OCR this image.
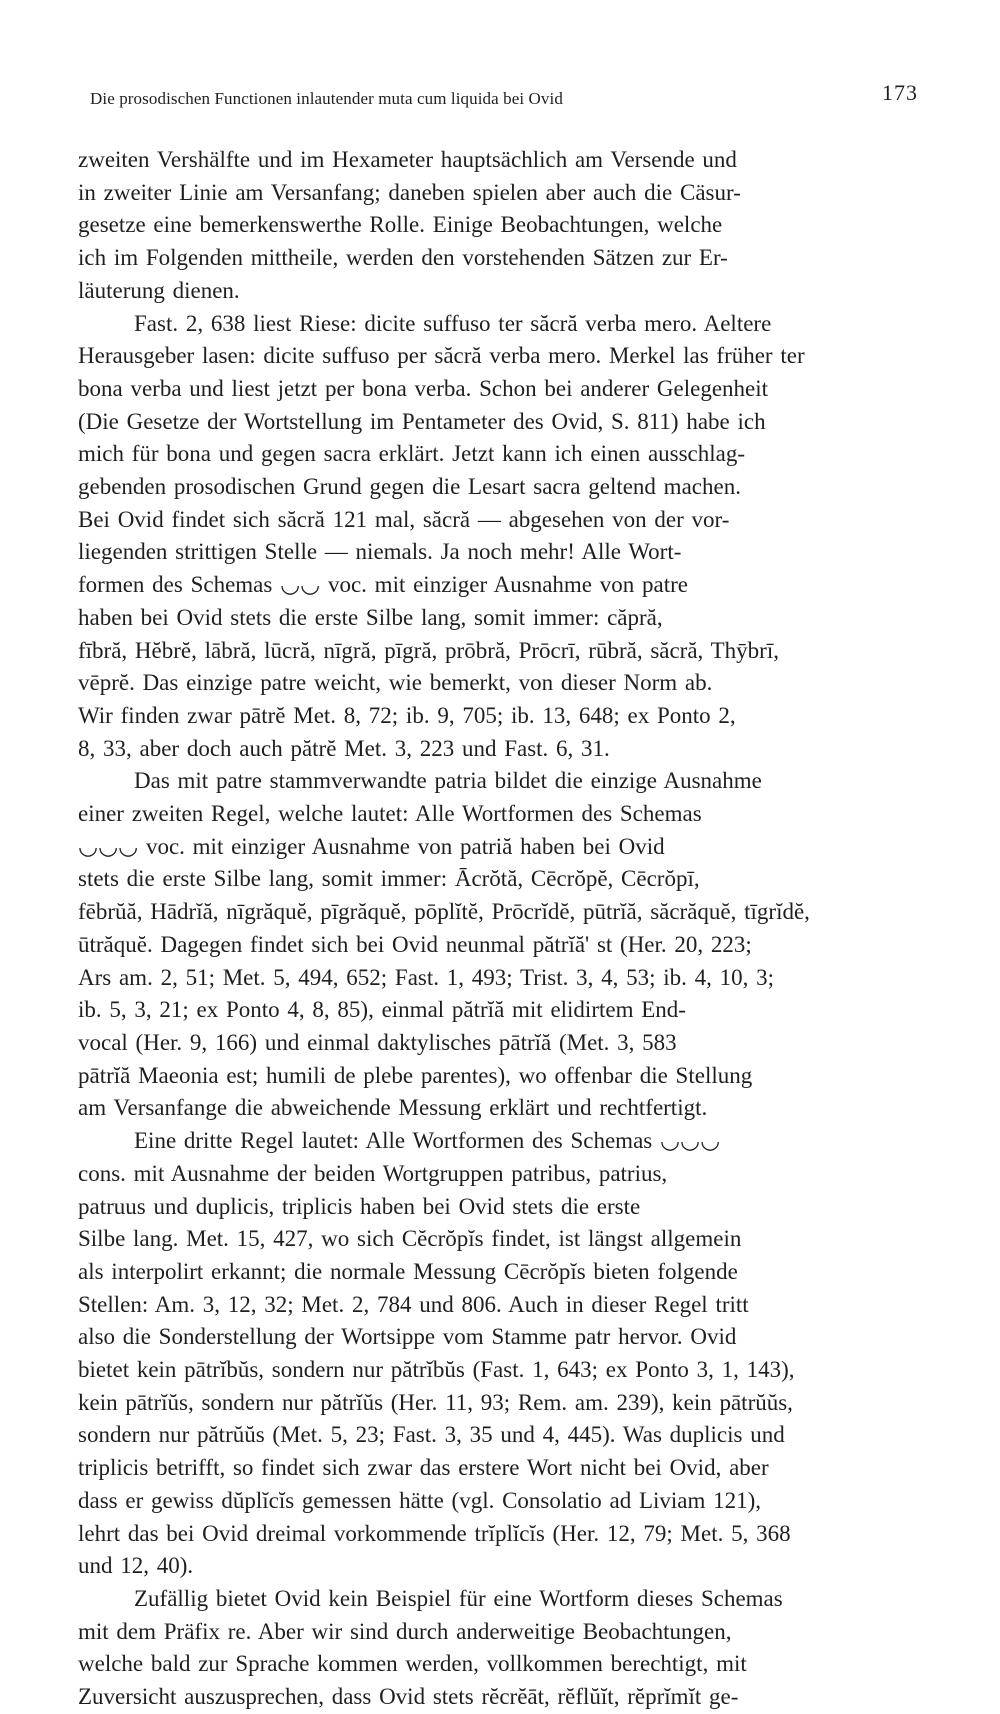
Die prosodischen Functionen inlautender muta cum liquida bei Ovid	173

zweiten Vershälfte und im Hexameter hauptsächlich am Versende und
in zweiter Linie am Versanfang; daneben spielen aber auch die Cäsur-
gesetze eine bemerkenswerthe Rolle. Einige Beobachtungen, welche
ich im Folgenden mittheile, werden den vorstehenden Sätzen zur Er-
läuterung dienen.

Fast. 2, 638 liest Riese: dicite suffuso ter săcră verba mero. Aeltere
Herausgeber lasen: dicite suffuso per săcră verba mero. Merkel las früher ter
bona verba und liest jetzt per bona verba. Schon bei anderer Gelegenheit
(Die Gesetze der Wortstellung im Pentameter des Ovid, S. 811) habe ich
mich für bona und gegen sacra erklärt. Jetzt kann ich einen ausschlag-
gebenden prosodischen Grund gegen die Lesart sacra geltend machen.
Bei Ovid findet sich săcră 121 mal, săcră — abgesehen von der vor-
liegenden strittigen Stelle — niemals. Ja noch mehr! Alle Wort-
formen des Schemas ◡◡ voc. mit einziger Ausnahme von patre
haben bei Ovid stets die erste Silbe lang, somit immer: căpră,
fībră, Hĕbrĕ, lābră, lūcră, nīgră, pīgră, prōbră, Prōcrī, rūbră, săcră, Thȳbrī,
vēprĕ. Das einzige patre weicht, wie bemerkt, von dieser Norm ab.
Wir finden zwar pātrĕ Met. 8, 72; ib. 9, 705; ib. 13, 648; ex Ponto 2,
8, 33, aber doch auch pătrĕ Met. 3, 223 und Fast. 6, 31.

Das mit patre stammverwandte patria bildet die einzige Ausnahme
einer zweiten Regel, welche lautet: Alle Wortformen des Schemas
◡◡◡ voc. mit einziger Ausnahme von patriă haben bei Ovid
stets die erste Silbe lang, somit immer: Ācrŏtă, Cēcrŏpĕ, Cēcrŏpī,
fēbrŭă, Hādrĭă, nīgrăquĕ, pīgrăquĕ, pōplĭtĕ, Prōcrĭdĕ, pūtrĭă, săcrăquĕ, tīgrĭdĕ,
ūtrăquĕ. Dagegen findet sich bei Ovid neunmal pătrĭă' st (Her. 20, 223;
Ars am. 2, 51; Met. 5, 494, 652; Fast. 1, 493; Trist. 3, 4, 53; ib. 4, 10, 3;
ib. 5, 3, 21; ex Ponto 4, 8, 85), einmal pătrĭă mit elidirtem End-
vocal (Her. 9, 166) und einmal daktylisches pātrĭă (Met. 3, 583
pātrĭă Maeonia est; humili de plebe parentes), wo offenbar die Stellung
am Versanfange die abweichende Messung erklärt und rechtfertigt.

Eine dritte Regel lautet: Alle Wortformen des Schemas ◡◡◡
cons. mit Ausnahme der beiden Wortgruppen patribus, patrius,
patruus und duplicis, triplicis haben bei Ovid stets die erste
Silbe lang. Met. 15, 427, wo sich Cĕcrŏpĭs findet, ist längst allgemein
als interpolirt erkannt; die normale Messung Cēcrŏpĭs bieten folgende
Stellen: Am. 3, 12, 32; Met. 2, 784 und 806. Auch in dieser Regel tritt
also die Sonderstellung der Wortsippe vom Stamme patr hervor. Ovid
bietet kein pātrĭbŭs, sondern nur pătrĭbŭs (Fast. 1, 643; ex Ponto 3, 1, 143),
kein pātrĭŭs, sondern nur pătrĭŭs (Her. 11, 93; Rem. am. 239), kein pātrŭŭs,
sondern nur pătrŭŭs (Met. 5, 23; Fast. 3, 35 und 4, 445). Was duplicis und
triplicis betrifft, so findet sich zwar das erstere Wort nicht bei Ovid, aber
dass er gewiss dŭplĭcĭs gemessen hätte (vgl. Consolatio ad Liviam 121),
lehrt das bei Ovid dreimal vorkommende trĭplĭcĭs (Her. 12, 79; Met. 5, 368
und 12, 40).

Zufällig bietet Ovid kein Beispiel für eine Wortform dieses Schemas
mit dem Präfix re. Aber wir sind durch anderweitige Beobachtungen,
welche bald zur Sprache kommen werden, vollkommen berechtigt, mit
Zuversicht auszusprechen, dass Ovid stets rĕcrĕāt, rĕflŭĭt, rĕprĭmĭt ge-
